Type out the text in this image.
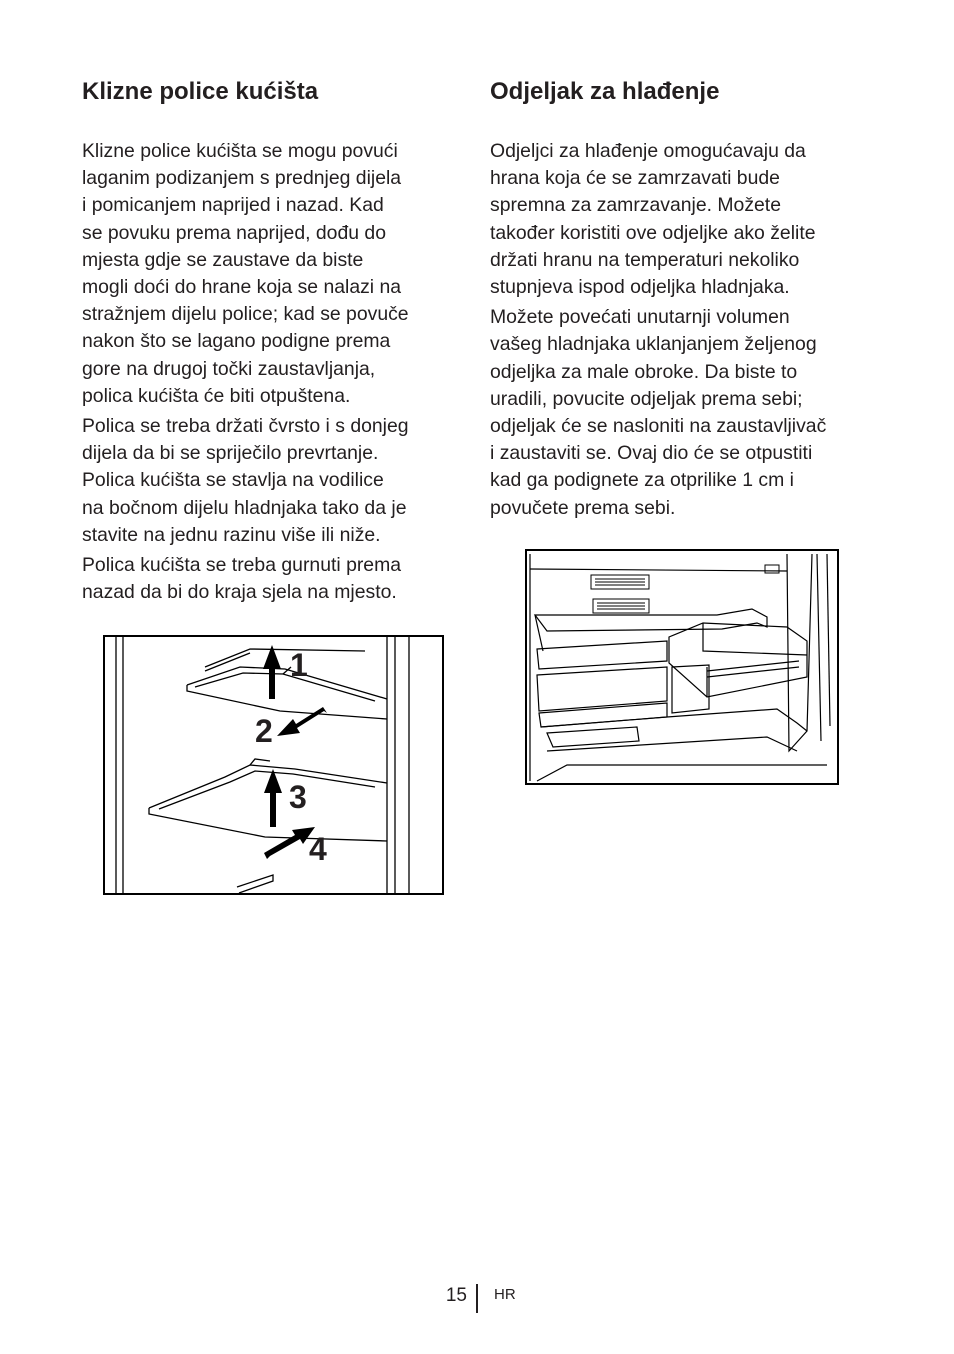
Klizne police kućišta
Klizne police kućišta se mogu povući
laganim podizanjem s prednjeg dijela
i pomicanjem naprijed i nazad. Kad
se povuku prema naprijed, dođu do
mjesta gdje se zaustave da biste
mogli doći do hrane koja se nalazi na
stražnjem dijelu police; kad se povuče
nakon što se lagano podigne prema
gore na drugoj točki zaustavljanja,
polica kućišta će biti otpuštena.
Polica se treba držati čvrsto i s donjeg
dijela da bi se spriječilo prevrtanje.
Polica kućišta se stavlja na vodilice
na bočnom dijelu hladnjaka tako da je
stavite na jednu razinu više ili niže.
Polica kućišta se treba gurnuti prema
nazad da bi do kraja sjela na mjesto.
1
2
3
4
Odjeljak za hlađenje
Odjeljci za hlađenje omogućavaju da
hrana koja će se zamrzavati bude
spremna za zamrzavanje. Možete
također koristiti ove odjeljke ako želite
držati hranu na temperaturi nekoliko
stupnjeva ispod odjeljka hladnjaka.
Možete povećati unutarnji volumen
vašeg hladnjaka uklanjanjem željenog
odjeljka za male obroke. Da biste to
uradili, povucite odjeljak prema sebi;
odjeljak će se nasloniti na zaustavljivač
i zaustaviti se. Ovaj dio će se otpustiti
kad ga podignete za otprilike 1 cm i
povučete prema sebi.
15 HR
